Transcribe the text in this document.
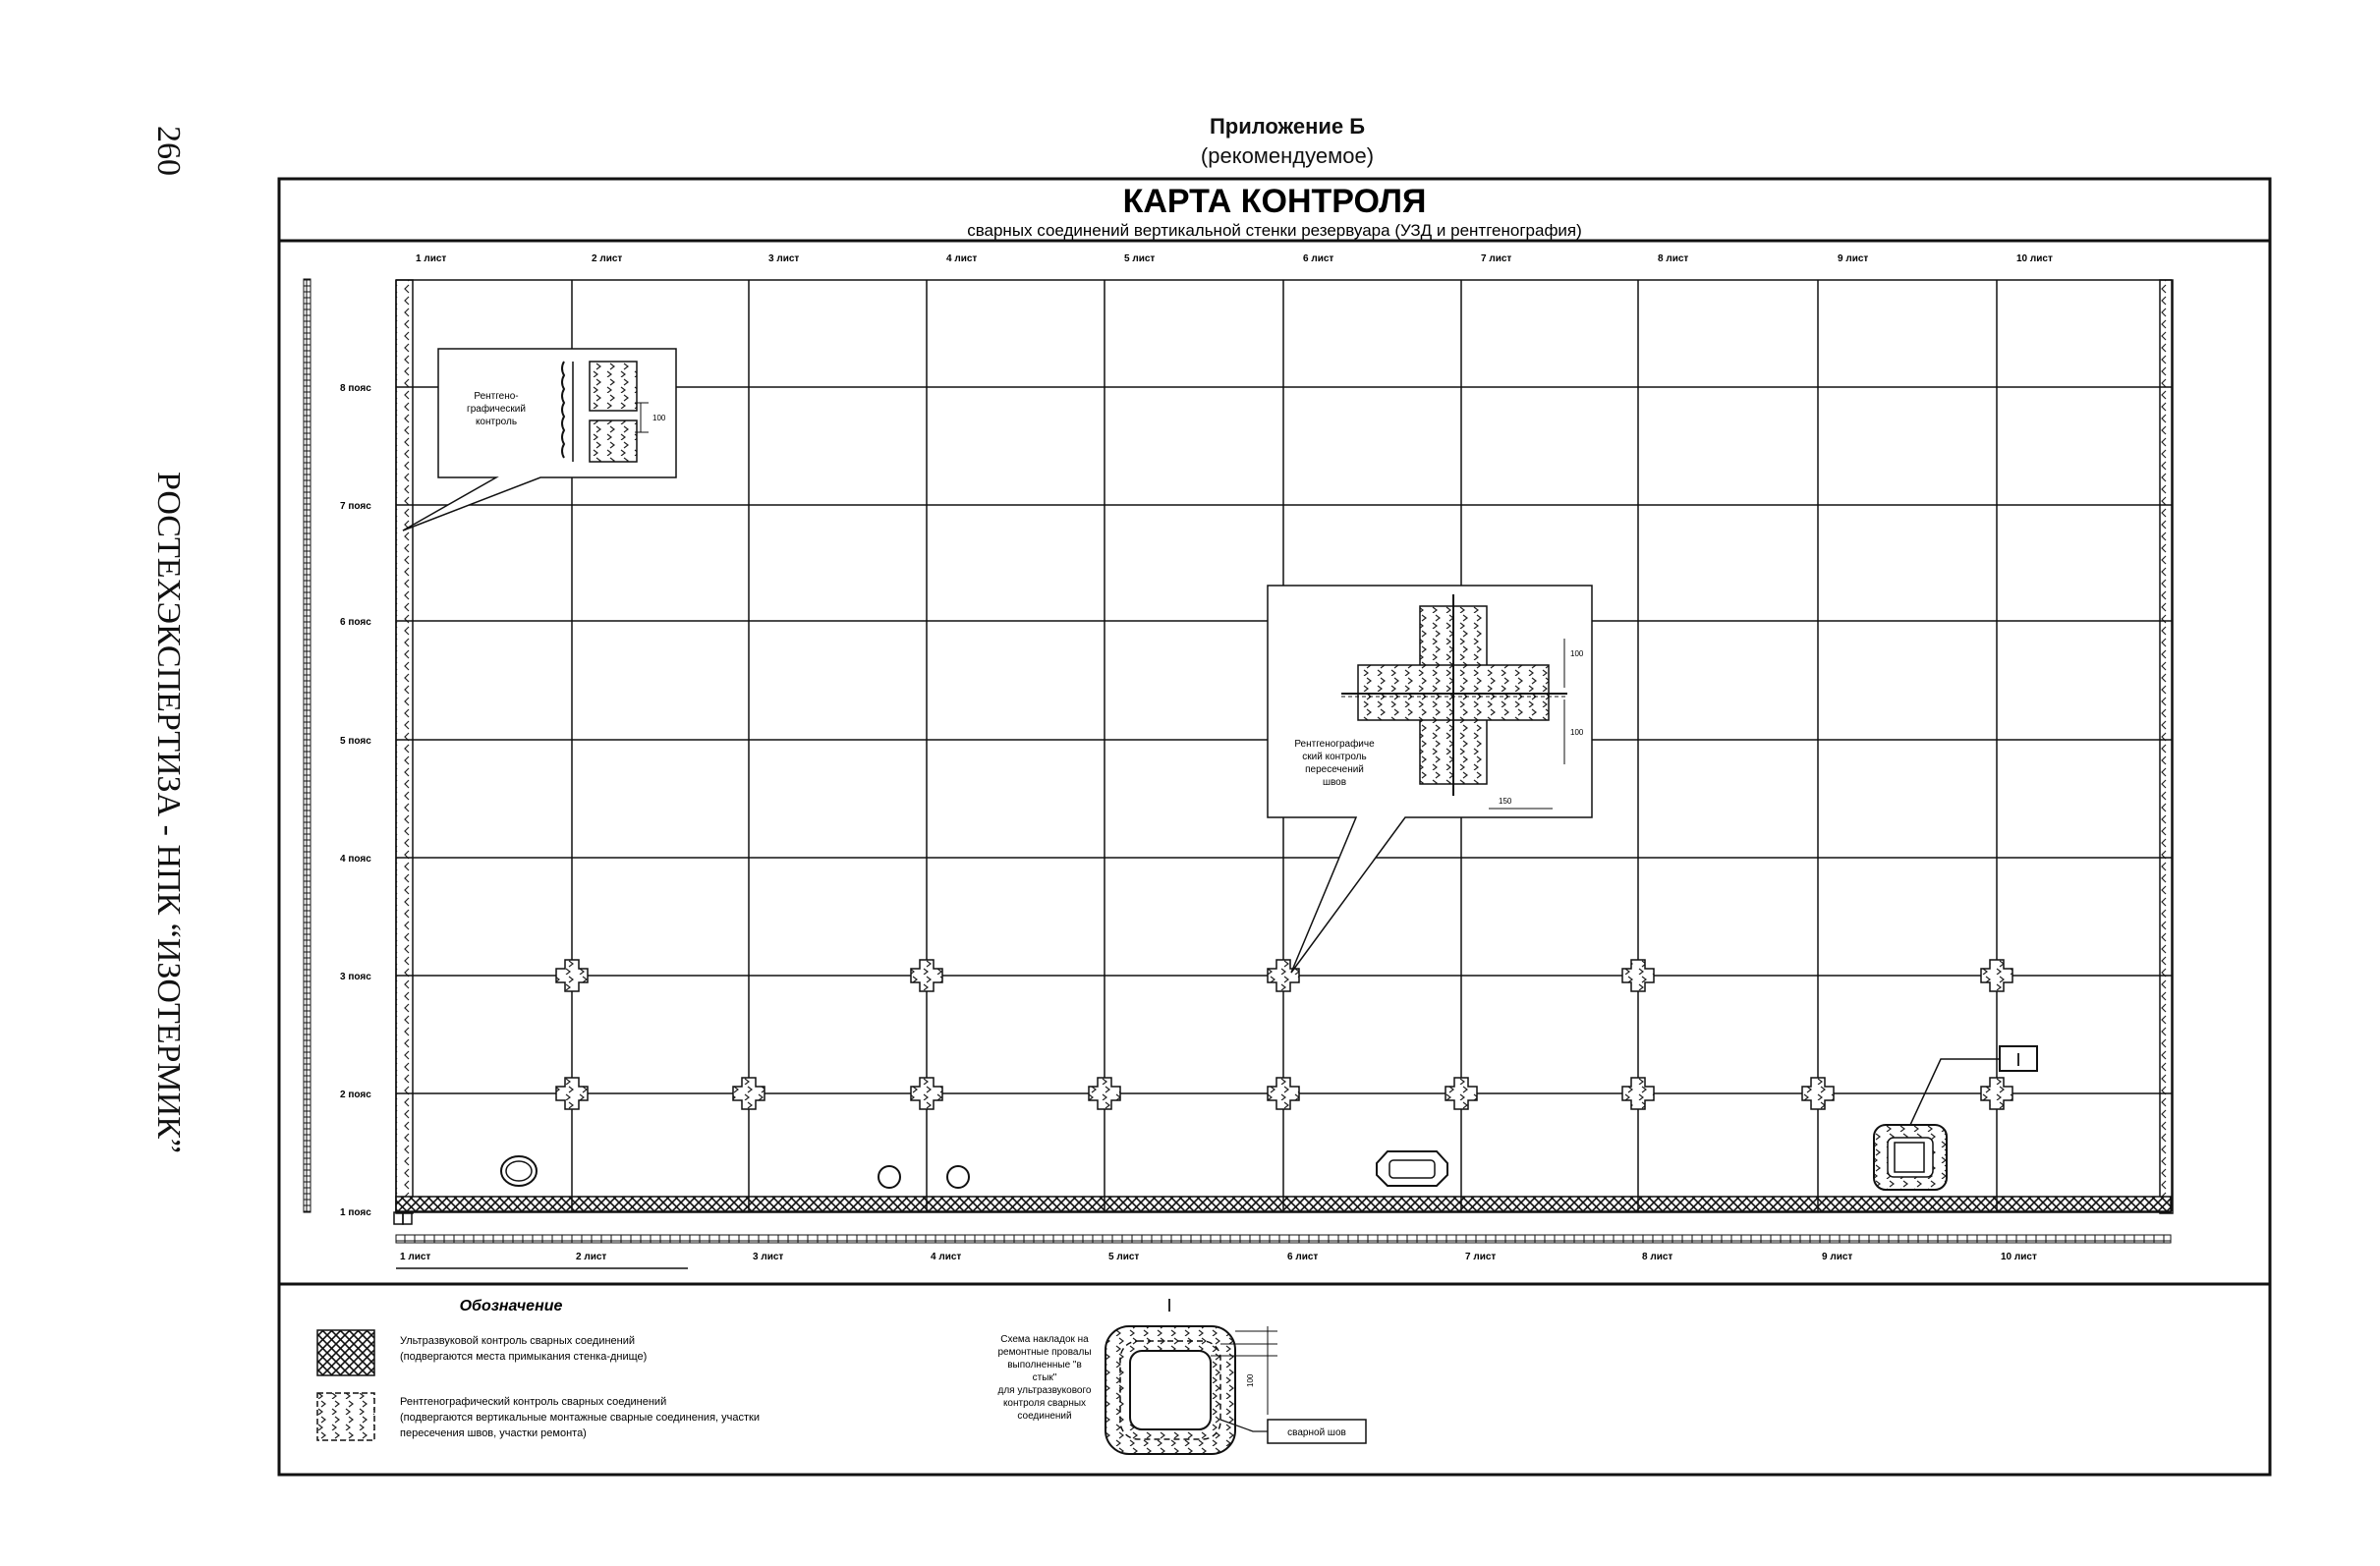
260
РОСТЕХЭКСПЕРТИЗА - НПК “ИЗОТЕРМИК”
Приложение Б
(рекомендуемое)
КАРТА КОНТРОЛЯ
сварных соединений вертикальной стенки резервуара (УЗД и рентгенография)
1 лист	2 лист	3 лист	4 лист	5 лист	6 лист	7 лист	8 лист	9 лист	10 лист
1 лист	2 лист	3 лист	4 лист	5 лист	6 лист	7 лист	8 лист	9 лист	10 лист
8 пояс
7 пояс
6 пояс
5 пояс
4 пояс
3 пояс
2 пояс
1 пояс
I
100
Рентгено-графический контроль
100
100
150
Рентгенографиче ский контроль пересечений швов
Обозначение
Ультразвуковой контроль сварных соединений
(подвергаются места примыкания стенка-днище)
Рентгенографический контроль сварных соединений
(подвергаются вертикальные монтажные сварные соединения, участки
пересечения швов, участки ремонта)
I
Схема накладок на ремонтные провалы выполненные "в стык" для ультразвукового контроля сварных соединений
100
сварной шов
